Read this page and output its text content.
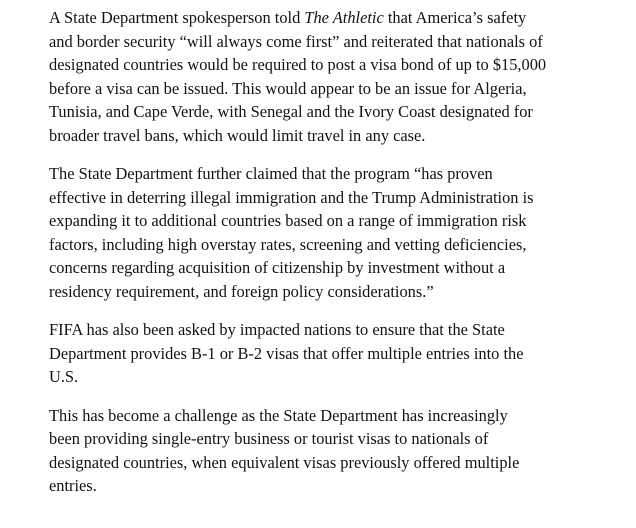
A State Department spokesperson told The Athletic that America’s safety
and border security “will always come first” and reiterated that nationals of
designated countries would be required to post a visa bond of up to $15,000
before a visa can be issued. This would appear to be an issue for Algeria,
Tunisia, and Cape Verde, with Senegal and the Ivory Coast designated for
broader travel bans, which would limit travel in any case.

The State Department further claimed that the program “has proven
effective in deterring illegal immigration and the Trump Administration is
expanding it to additional countries based on a range of immigration risk
factors, including high overstay rates, screening and vetting deficiencies,
concerns regarding acquisition of citizenship by investment without a
residency requirement, and foreign policy considerations.”

FIFA has also been asked by impacted nations to ensure that the State
Department provides B-1 or B-2 visas that offer multiple entries into the
U.S.

This has become a challenge as the State Department has increasingly
been providing single-entry business or tourist visas to nationals of
designated countries, when equivalent visas previously offered multiple
entries.
